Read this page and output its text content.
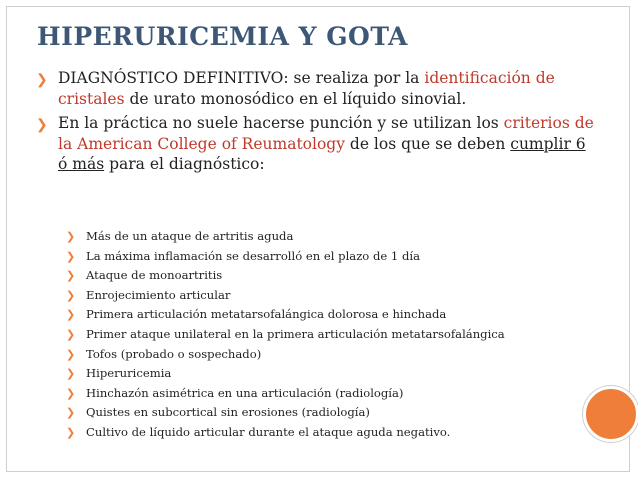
HIPERURICEMIA Y GOTA
❯ DIAGNÓSTICO DEFINITIVO: se realiza por la identificación de cristales de urato monosódico en el líquido sinovial.
❯ En la práctica no suele hacerse punción y se utilizan los criterios de la American College of Reumatology de los que se deben cumplir 6 ó más para el diagnóstico:
❯ Más de un ataque de artritis aguda
❯ La máxima inflamación se desarrolló en el plazo de 1 día
❯ Ataque de monoartritis
❯ Enrojecimiento articular
❯ Primera articulación metatarsofalángica dolorosa e hinchada
❯ Primer ataque unilateral en la primera articulación metatarsofalángica
❯ Tofos (probado o sospechado)
❯ Hiperuricemia
❯ Hinchazón asimétrica en una articulación (radiología)
❯ Quistes en subcortical sin erosiones (radiología)
❯ Cultivo de líquido articular durante el ataque aguda negativo.
